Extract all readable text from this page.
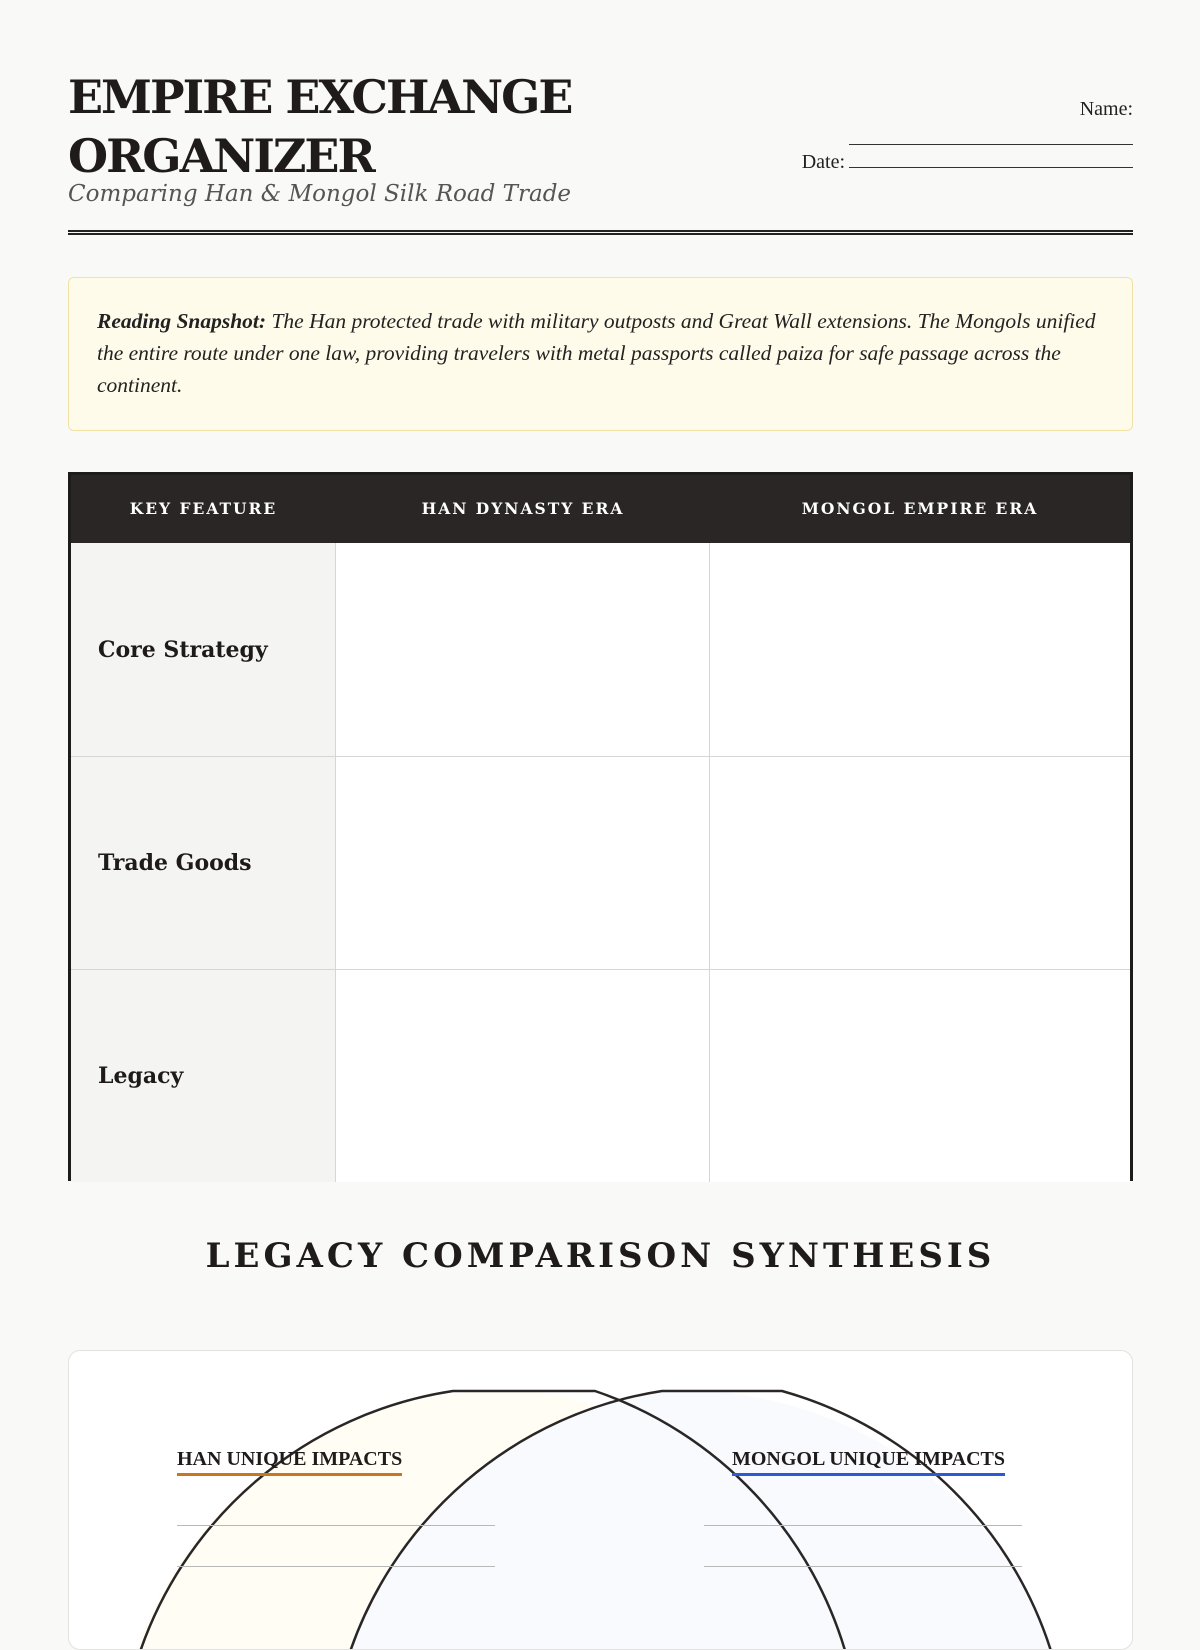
EMPIRE EXCHANGE ORGANIZER
Comparing Han & Mongol Silk Road Trade
Name:
Date:
Reading Snapshot: The Han protected trade with military outposts and Great Wall extensions. The Mongols unified the entire route under one law, providing travelers with metal passports called paiza for safe passage across the continent.
KEY FEATURE	HAN DYNASTY ERA	MONGOL EMPIRE ERA
Core Strategy
Trade Goods
Legacy
LEGACY COMPARISON SYNTHESIS
HAN UNIQUE IMPACTS	MONGOL UNIQUE IMPACTS
